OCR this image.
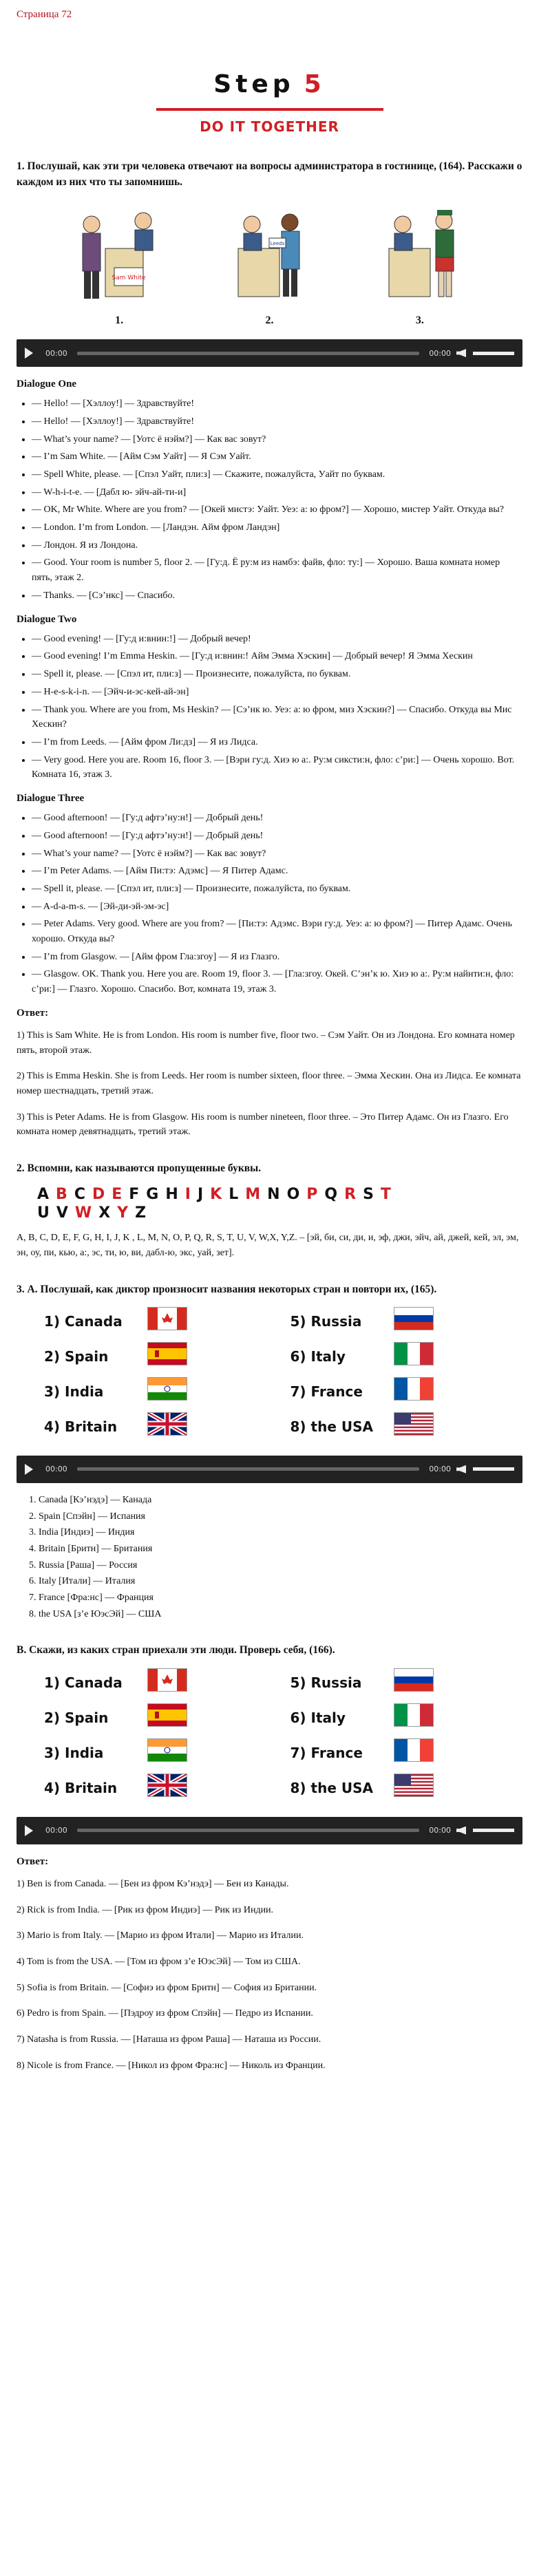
Страница 72
Step 5
DO IT TOGETHER
1. Послушай, как эти три человека отвечают на вопросы администратора в гостинице, (164). Расскажи о каждом из них что ты запомнишь.
Sam White
1.
Leeds
2.	3.
00:00	00:00
Dialogue One
• — Hello! — [Хэллоу!] — Здравствуйте!
• — Hello! — [Хэллоу!] — Здравствуйте!
• — What’s your name? — [Уотс ё нэйм?] — Как вас зовут?
• — I’m Sam White. — [Айм Сэм Уайт] — Я Сэм Уайт.
• — Spell White, please. — [Спэл Уайт, пли:з] — Скажите, пожалуйста, Уайт по буквам.
• — W-h-i-t-e. — [Дабл ю- эйч-ай-ти-и]
• — OK, Mr White. Where are you from? — [Окей мистэ: Уайт. Уеэ: а: ю фром?] — Хорошо, мистер Уайт. Откуда вы?
• — London. I’m from London. — [Ландэн. Айм фром Ландэн]
• — Лондон. Я из Лондона.
• — Good. Your room is number 5, floor 2. — [Гу:д. Ё ру:м из намбэ: файв, фло: ту:] — Хорошо. Ваша комната номер пять, этаж 2.
• — Thanks. — [Сэ’нкс] — Спасибо.
Dialogue Two
• — Good evening! — [Гу:д и:внин:!] — Добрый вечер!
• — Good evening! I’m Emma Heskin. — [Гу:д и:внин:! Айм Эмма Хэскин] — Добрый вечер! Я Эмма Хескин
• — Spell it, please. — [Спэл ит, пли:з] — Произнесите, пожалуйста, по буквам.
• — H-e-s-k-i-n. — [Эйч-и-эс-кей-ай-эн]
• — Thank you. Where are you from, Ms Heskin? — [Сэ’нк ю. Уеэ: а: ю фром, миз Хэскин?] — Спасибо. Откуда вы Мис Хескин?
• — I’m from Leeds. — [Айм фром Ли:дз] — Я из Лидса.
• — Very good. Here you are. Room 16, floor 3. — [Вэри гу:д. Хиэ ю а:. Ру:м сиксти:н, фло: с’ри:] — Очень хорошо. Вот. Комната 16, этаж 3.
Dialogue Three
• — Good afternoon! — [Гу:д афтэ’ну:н!] — Добрый день!
• — Good afternoon! — [Гу:д афтэ’ну:н!] — Добрый день!
• — What’s your name? — [Уотс ё нэйм?] — Как вас зовут?
• — I’m Peter Adams. — [Айм Пи:тэ: Адэмс] — Я Питер Адамс.
• — Spell it, please. — [Спэл ит, пли:з] — Произнесите, пожалуйста, по буквам.
• — A-d-a-m-s. — [Эй-ди-эй-эм-эс]
• — Peter Adams. Very good. Where are you from? — [Пи:тэ: Адэмс. Вэри гу:д. Уеэ: а: ю фром?] — Питер Адамс. Очень хорошо. Откуда вы?
• — I’m from Glasgow. — [Айм фром Гла:згоу] — Я из Глазго.
• — Glasgow. OK. Thank you. Here you are. Room 19, floor 3. — [Гла:згоу. Окей. С’эн’к ю. Хиэ ю а:. Ру:м найнти:н, фло: с’ри:] — Глазго. Хорошо. Спасибо. Вот, комната 19, этаж 3.
Ответ:

1) This is Sam White. He is from London. His room is number five, floor two. – Сэм Уайт. Он из Лондона. Его комната номер пять, второй этаж.

2) This is Emma Heskin. She is from Leeds. Her room is number sixteen, floor three. – Эмма Хескин. Она из Лидса. Ее комната номер шестнадцать, третий этаж.

3) This is Peter Adams. He is from Glasgow. His room is number nineteen, floor three. – Это Питер Адамс. Он из Глазго. Его комната номер девятнадцать, третий этаж.

2. Вспомни, как называются пропущенные буквы.
A B C D E F G H I J K L M N O P Q R S T
U V W X Y Z

A, B, C, D, E, F, G, H, I, J, K , L, M, N, O, P, Q, R, S, T, U, V, W,X, Y,Z. – [эй, би, си, ди, и, эф, джи, эйч, ай, джей, кей, эл, эм, эн, оу, пи, кью, а:, эс, ти, ю, ви, дабл-ю, экс, уай, зет].

3. А. Послушай, как диктор произносит названия некоторых стран и повтори их, (165).
1) Canada	5) Russia
2) Spain	6) Italy
3) India	7) France
4) Britain	8) the USA
00:00	00:00
1. Canada [Кэ’нэдэ] — Канада
2. Spain [Спэйн] — Испания
3. India [Индиэ] — Индия
4. Britain [Бритн] — Британия
5. Russia [Раша] — Россия
6. Italy [Итали] — Италия
7. France [Фра:нс] — Франция
8. the USA [з’е ЮэсЭй] — США
В. Скажи, из каких стран приехали эти люди. Проверь себя, (166).
1) Canada	5) Russia
2) Spain	6) Italy
3) India	7) France
4) Britain	8) the USA
00:00	00:00
Ответ:

1) Ben is from Canada. — [Бен из фром Кэ’нэдэ] — Бен из Канады.

2) Rick is from India. — [Рик из фром Индиэ] — Рик из Индии.

3) Mario is from Italy. — [Марио из фром Итали] — Марио из Италии.

4) Tom is from the USA. — [Том из фром з’е ЮэсЭй] — Том из США.

5) Sofia is from Britain. — [Софиэ из фром Бритн] — София из Британии.

6) Pedro is from Spain. — [Пэдроу из фром Спэйн] — Педро из Испании.

7) Natasha is from Russia. — [Наташа из фром Раша] — Наташа из России.

8) Nicole is from France. — [Никол из фром Фра:нс] — Николь из Франции.
